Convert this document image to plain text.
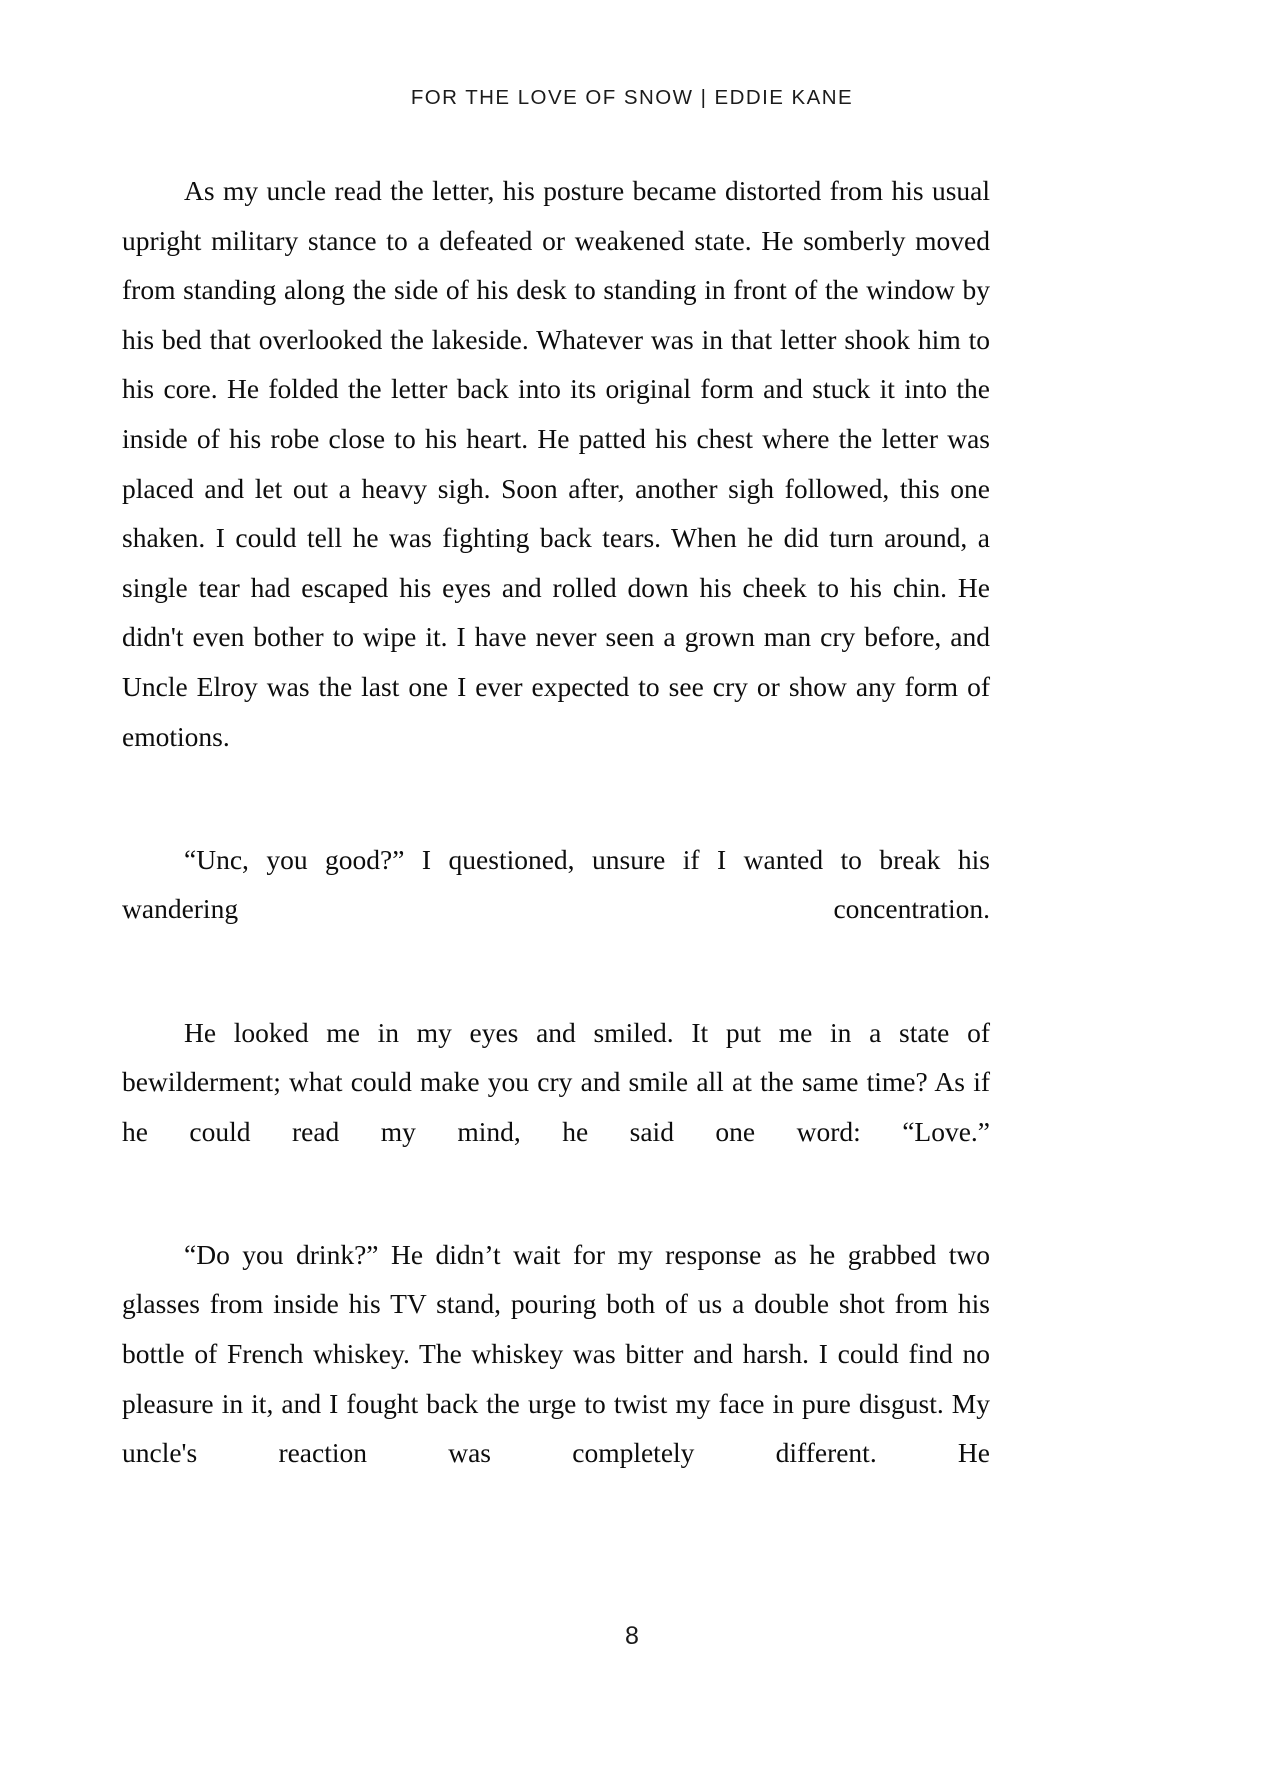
FOR THE LOVE OF SNOW | EDDIE KANE

As my uncle read the letter, his posture became distorted from his usual upright military stance to a defeated or weakened state. He somberly moved from standing along the side of his desk to standing in front of the window by his bed that overlooked the lakeside. Whatever was in that letter shook him to his core. He folded the letter back into its original form and stuck it into the inside of his robe close to his heart. He patted his chest where the letter was placed and let out a heavy sigh. Soon after, another sigh followed, this one shaken. I could tell he was fighting back tears. When he did turn around, a single tear had escaped his eyes and rolled down his cheek to his chin. He didn't even bother to wipe it. I have never seen a grown man cry before, and Uncle Elroy was the last one I ever expected to see cry or show any form of emotions.

“Unc, you good?” I questioned, unsure if I wanted to break his wandering concentration.

He looked me in my eyes and smiled. It put me in a state of bewilderment; what could make you cry and smile all at the same time? As if he could read my mind, he said one word: “Love.”

“Do you drink?” He didn’t wait for my response as he grabbed two glasses from inside his TV stand, pouring both of us a double shot from his bottle of French whiskey. The whiskey was bitter and harsh. I could find no pleasure in it, and I fought back the urge to twist my face in pure disgust. My uncle's reaction was completely different. He

8
